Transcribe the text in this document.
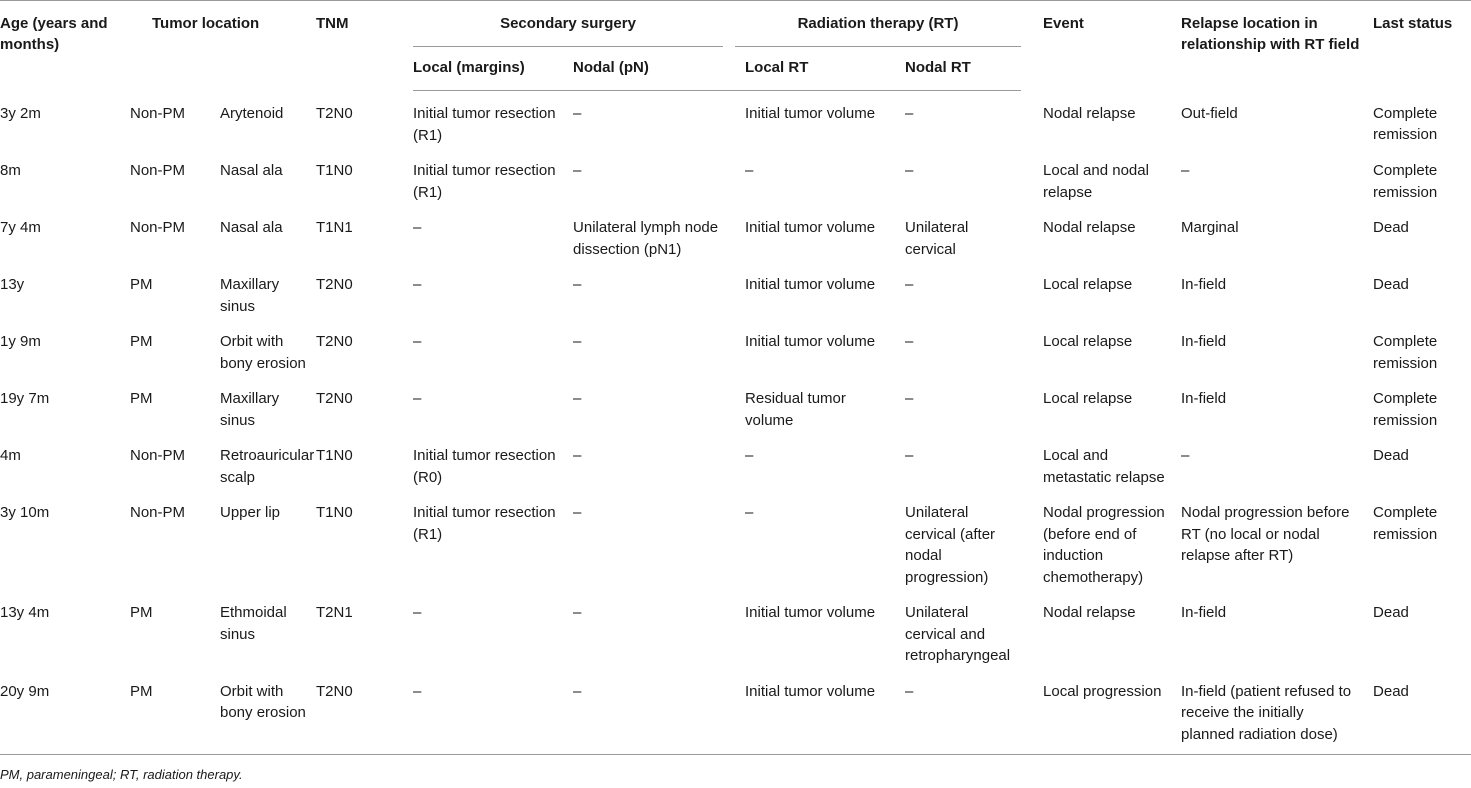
Age (years and months)	Tumor location		TNM	Secondary surgery		Radiation therapy (RT)		Event	Relapse location in relationship with RT field	Last status
				Local (margins)	Nodal (pN)	Local RT	Nodal RT			
3y 2m	Non-PM	Arytenoid	T2N0	Initial tumor resection (R1)	–	Initial tumor volume	–	Nodal relapse	Out-field	Complete remission
8m	Non-PM	Nasal ala	T1N0	Initial tumor resection (R1)	–	–	–	Local and nodal relapse	–	Complete remission
7y 4m	Non-PM	Nasal ala	T1N1	–	Unilateral lymph node dissection (pN1)	Initial tumor volume	Unilateral cervical	Nodal relapse	Marginal	Dead
13y	PM	Maxillary sinus	T2N0	–	–	Initial tumor volume	–	Local relapse	In-field	Dead
1y 9m	PM	Orbit with bony erosion	T2N0	–	–	Initial tumor volume	–	Local relapse	In-field	Complete remission
19y 7m	PM	Maxillary sinus	T2N0	–	–	Residual tumor volume	–	Local relapse	In-field	Complete remission
4m	Non-PM	Retroauricular scalp	T1N0	Initial tumor resection (R0)	–	–	–	Local and metastatic relapse	–	Dead
3y 10m	Non-PM	Upper lip	T1N0	Initial tumor resection (R1)	–	–	Unilateral cervical (after nodal progression)	Nodal progression (before end of induction chemotherapy)	Nodal progression before RT (no local or nodal relapse after RT)	Complete remission
13y 4m	PM	Ethmoidal sinus	T2N1	–	–	Initial tumor volume	Unilateral cervical and retropharyngeal	Nodal relapse	In-field	Dead
20y 9m	PM	Orbit with bony erosion	T2N0	–	–	Initial tumor volume	–	Local progression	In-field (patient refused to receive the initially planned radiation dose)	Dead
PM, parameningeal; RT, radiation therapy.
